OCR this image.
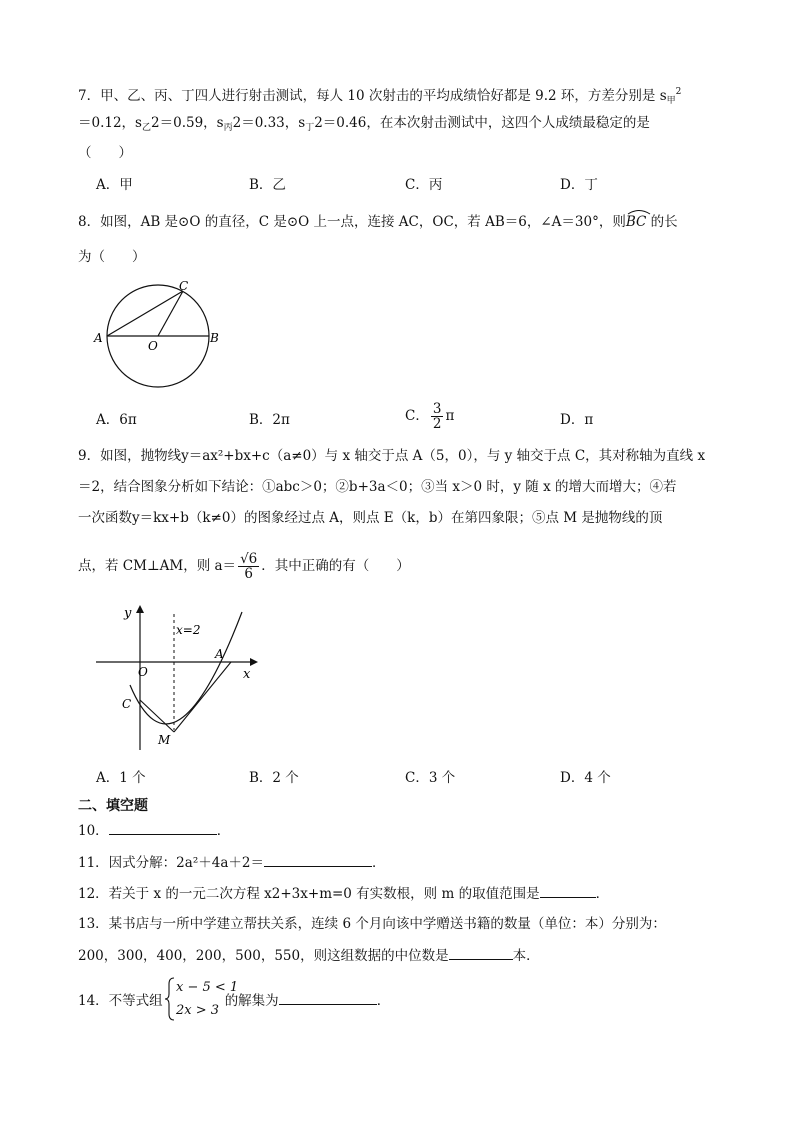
7．甲、乙、丙、丁四人进行射击测试，每人 10 次射击的平均成绩恰好都是 9.2 环，方差分别是 $s_甲^2$
＝0.12，$s_乙2=0.59$，$s_丙2=0.33$，$s_丁2=0.46$，在本次射击测试中，这四个人成绩最稳定的是
（　　）
A．甲	B．乙	C．丙	D．丁
8．如图，AB 是⊙O 的直径，C 是⊙O 上一点，连接 AC，OC，若 AB＝6，∠A＝30°，则
BC 的长
为（　　）
A	B
C
O
A．6π	B．2π	C． $\frac{3}{2}$ π	D．π
9．如图，抛物线y＝ax²+bx+c（a≠0）与 x 轴交于点 A（5，0），与 y 轴交于点 C，其对称轴为直线 x
＝2，结合图象分析如下结论：①abc＞0；②b+3a＜0；③当 x＞0 时，y 随 x 的增大而增大；④若
一次函数y＝kx+b（k≠0）的图象经过点 A，则点 E（k，b）在第四象限；⑤点 M 是抛物线的顶
点，若 CM⊥AM，则 $a= \frac{√6}{6}$ ．其中正确的有（　　）
y
x
x=2
O
A
C
M
A．1 个	B．2 个	C．3 个	D．4 个
二、填空题
10．	．
11．因式分解：2a²＋4a＋2＝	．
12．若关于 x 的一元二次方程 x2+3x+m=0 有实数根，则 m 的取值范围是	．
13．某书店与一所中学建立帮扶关系，连续 6 个月向该中学赠送书籍的数量（单位：本）分别为：
200，300，400，200，500，550，则这组数据的中位数是	本．
14．不等式组	的解集为	．
x − 5 < 1
2x > 3
